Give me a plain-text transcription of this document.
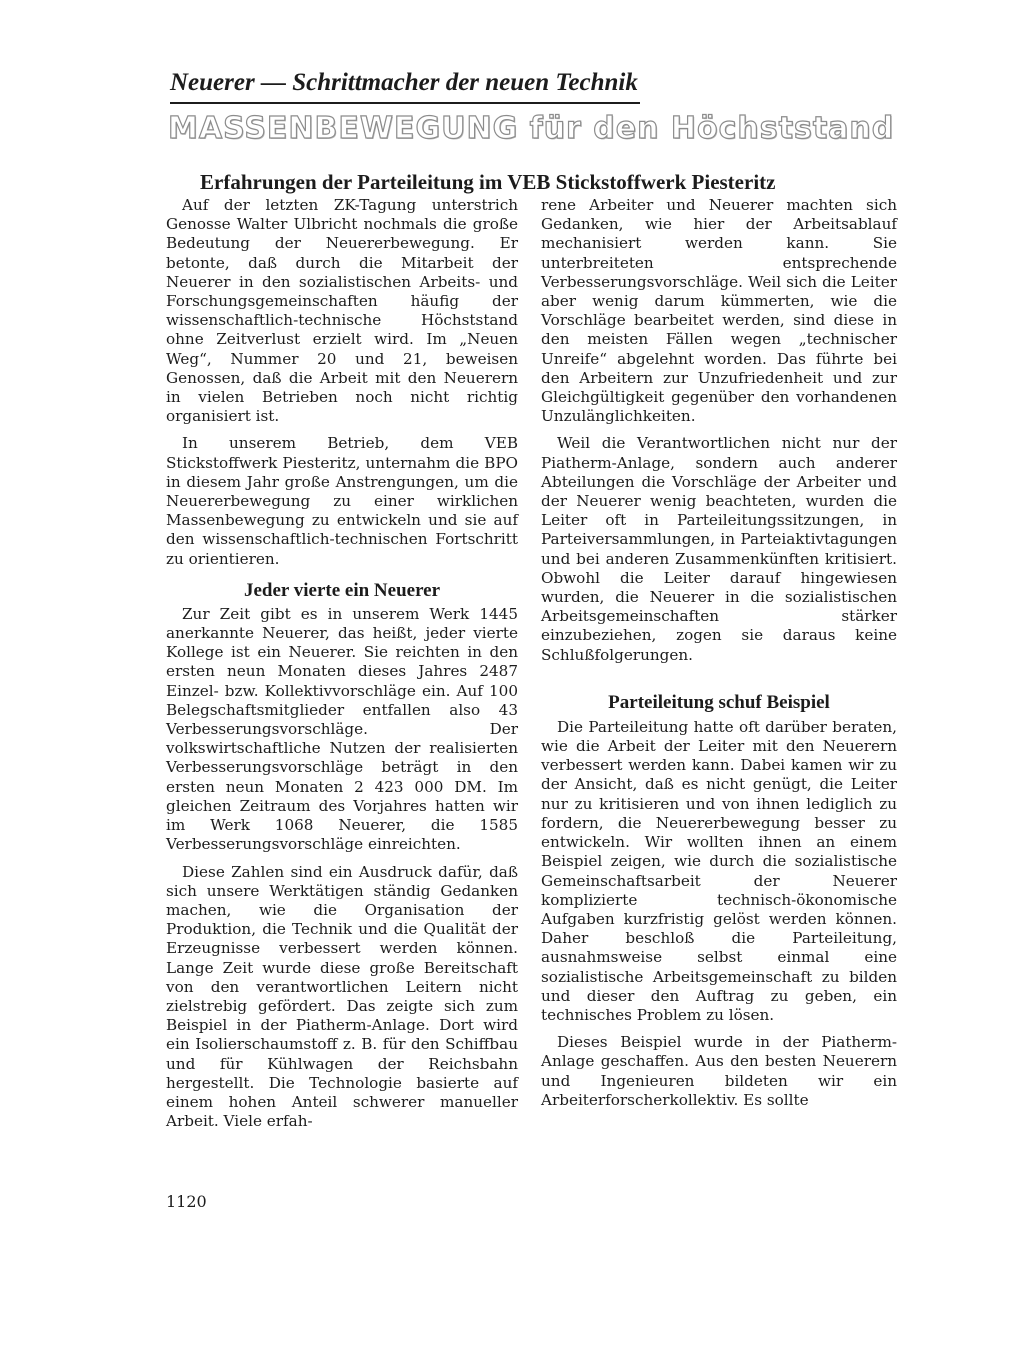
Neuerer — Schrittmacher der neuen Technik
MASSENBEWEGUNG für den Höchststand
Erfahrungen der Parteileitung im VEB Stickstoffwerk Piesteritz

Auf der letzten ZK-Tagung unterstrich Genosse Walter Ulbricht nochmals die große Bedeutung der Neuererbewegung. Er betonte, daß durch die Mitarbeit der Neuerer in den sozialistischen Arbeits- und Forschungsgemeinschaften häufig der wissenschaftlich-technische Höchststand ohne Zeitverlust erzielt wird. Im „Neuen Weg“, Nummer 20 und 21, beweisen Genossen, daß die Arbeit mit den Neuerern in vielen Betrieben noch nicht richtig organisiert ist.

In unserem Betrieb, dem VEB Stickstoffwerk Piesteritz, unternahm die BPO in diesem Jahr große Anstrengungen, um die Neuererbewegung zu einer wirklichen Massenbewegung zu entwickeln und sie auf den wissenschaftlich-technischen Fortschritt zu orientieren.

Jeder vierte ein Neuerer

Zur Zeit gibt es in unserem Werk 1445 anerkannte Neuerer, das heißt, jeder vierte Kollege ist ein Neuerer. Sie reichten in den ersten neun Monaten dieses Jahres 2487 Einzel- bzw. Kollektivvorschläge ein. Auf 100 Belegschaftsmitglieder entfallen also 43 Verbesserungsvorschläge. Der volkswirtschaftliche Nutzen der realisierten Verbesserungsvorschläge beträgt in den ersten neun Monaten 2 423 000 DM. Im gleichen Zeitraum des Vorjahres hatten wir im Werk 1068 Neuerer, die 1585 Verbesserungsvorschläge einreichten.

Diese Zahlen sind ein Ausdruck dafür, daß sich unsere Werktätigen ständig Gedanken machen, wie die Organisation der Produktion, die Technik und die Qualität der Erzeugnisse verbessert werden können. Lange Zeit wurde diese große Bereitschaft von den verantwortlichen Leitern nicht zielstrebig gefördert. Das zeigte sich zum Beispiel in der Piatherm-Anlage. Dort wird ein Isolierschaumstoff z. B. für den Schiffbau und für Kühlwagen der Reichsbahn hergestellt. Die Technologie basierte auf einem hohen Anteil schwerer manueller Arbeit. Viele erfah-

rene Arbeiter und Neuerer machten sich Gedanken, wie hier der Arbeitsablauf mechanisiert werden kann. Sie unterbreiteten entsprechende Verbesserungsvorschläge. Weil sich die Leiter aber wenig darum kümmerten, wie die Vorschläge bearbeitet werden, sind diese in den meisten Fällen wegen „technischer Unreife“ abgelehnt worden. Das führte bei den Arbeitern zur Unzufriedenheit und zur Gleichgültigkeit gegenüber den vorhandenen Unzulänglichkeiten.

Weil die Verantwortlichen nicht nur der Piatherm-Anlage, sondern auch anderer Abteilungen die Vorschläge der Arbeiter und der Neuerer wenig beachteten, wurden die Leiter oft in Parteileitungssitzungen, in Parteiversammlungen, in Parteiaktivtagungen und bei anderen Zusammenkünften kritisiert. Obwohl die Leiter darauf hingewiesen wurden, die Neuerer in die sozialistischen Arbeitsgemeinschaften stärker einzubeziehen, zogen sie daraus keine Schlußfolgerungen.

Parteileitung schuf Beispiel

Die Parteileitung hatte oft darüber beraten, wie die Arbeit der Leiter mit den Neuerern verbessert werden kann. Dabei kamen wir zu der Ansicht, daß es nicht genügt, die Leiter nur zu kritisieren und von ihnen lediglich zu fordern, die Neuererbewegung besser zu entwickeln. Wir wollten ihnen an einem Beispiel zeigen, wie durch die sozialistische Gemeinschaftsarbeit der Neuerer komplizierte technisch-ökonomische Aufgaben kurzfristig gelöst werden können. Daher beschloß die Parteileitung, ausnahmsweise selbst einmal eine sozialistische Arbeitsgemeinschaft zu bilden und dieser den Auftrag zu geben, ein technisches Problem zu lösen.

Dieses Beispiel wurde in der Piatherm-Anlage geschaffen. Aus den besten Neuerern und Ingenieuren bildeten wir ein Arbeiterforscherkollektiv. Es sollte

1120
